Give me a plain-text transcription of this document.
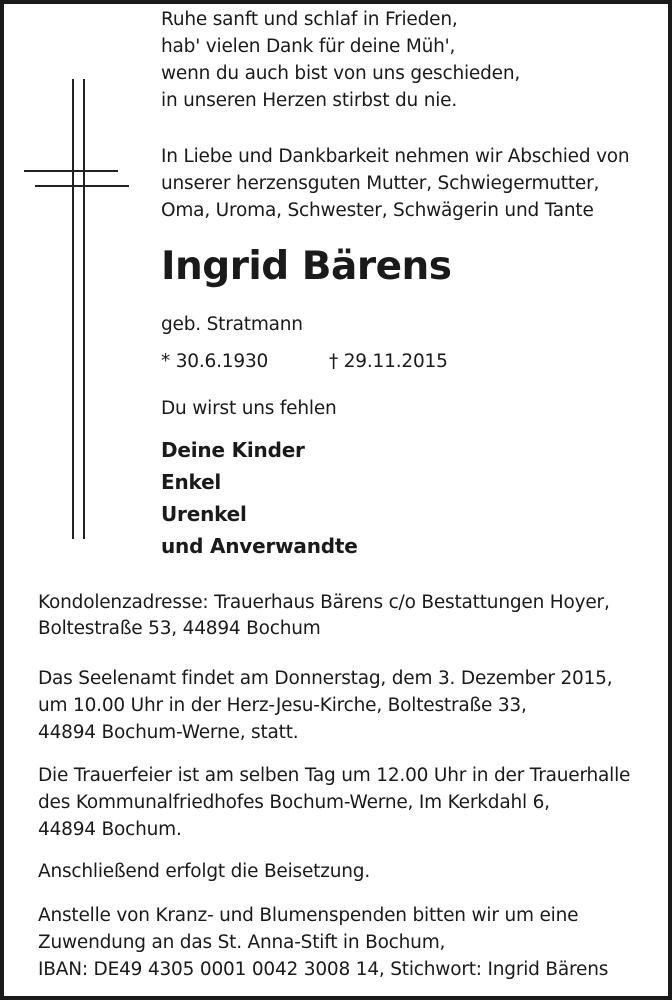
Ruhe sanft und schlaf in Frieden,
hab' vielen Dank für deine Müh',
wenn du auch bist von uns geschieden,
in unseren Herzen stirbst du nie.
In Liebe und Dankbarkeit nehmen wir Abschied von
unserer herzensguten Mutter, Schwiegermutter,
Oma, Uroma, Schwester, Schwägerin und Tante
Ingrid Bärens
geb. Stratmann
* 30.6.1930	† 29.11.2015
Du wirst uns fehlen
Deine Kinder
Enkel
Urenkel
und Anverwandte
Kondolenzadresse: Trauerhaus Bärens c/o Bestattungen Hoyer,
Boltestraße 53, 44894 Bochum
Das Seelenamt findet am Donnerstag, dem 3. Dezember 2015,
um 10.00 Uhr in der Herz-Jesu-Kirche, Boltestraße 33,
44894 Bochum-Werne, statt.
Die Trauerfeier ist am selben Tag um 12.00 Uhr in der Trauerhalle
des Kommunalfriedhofes Bochum-Werne, Im Kerkdahl 6,
44894 Bochum.
Anschließend erfolgt die Beisetzung.
Anstelle von Kranz- und Blumenspenden bitten wir um eine
Zuwendung an das St. Anna-Stift in Bochum,
IBAN: DE49 4305 0001 0042 3008 14, Stichwort: Ingrid Bärens
